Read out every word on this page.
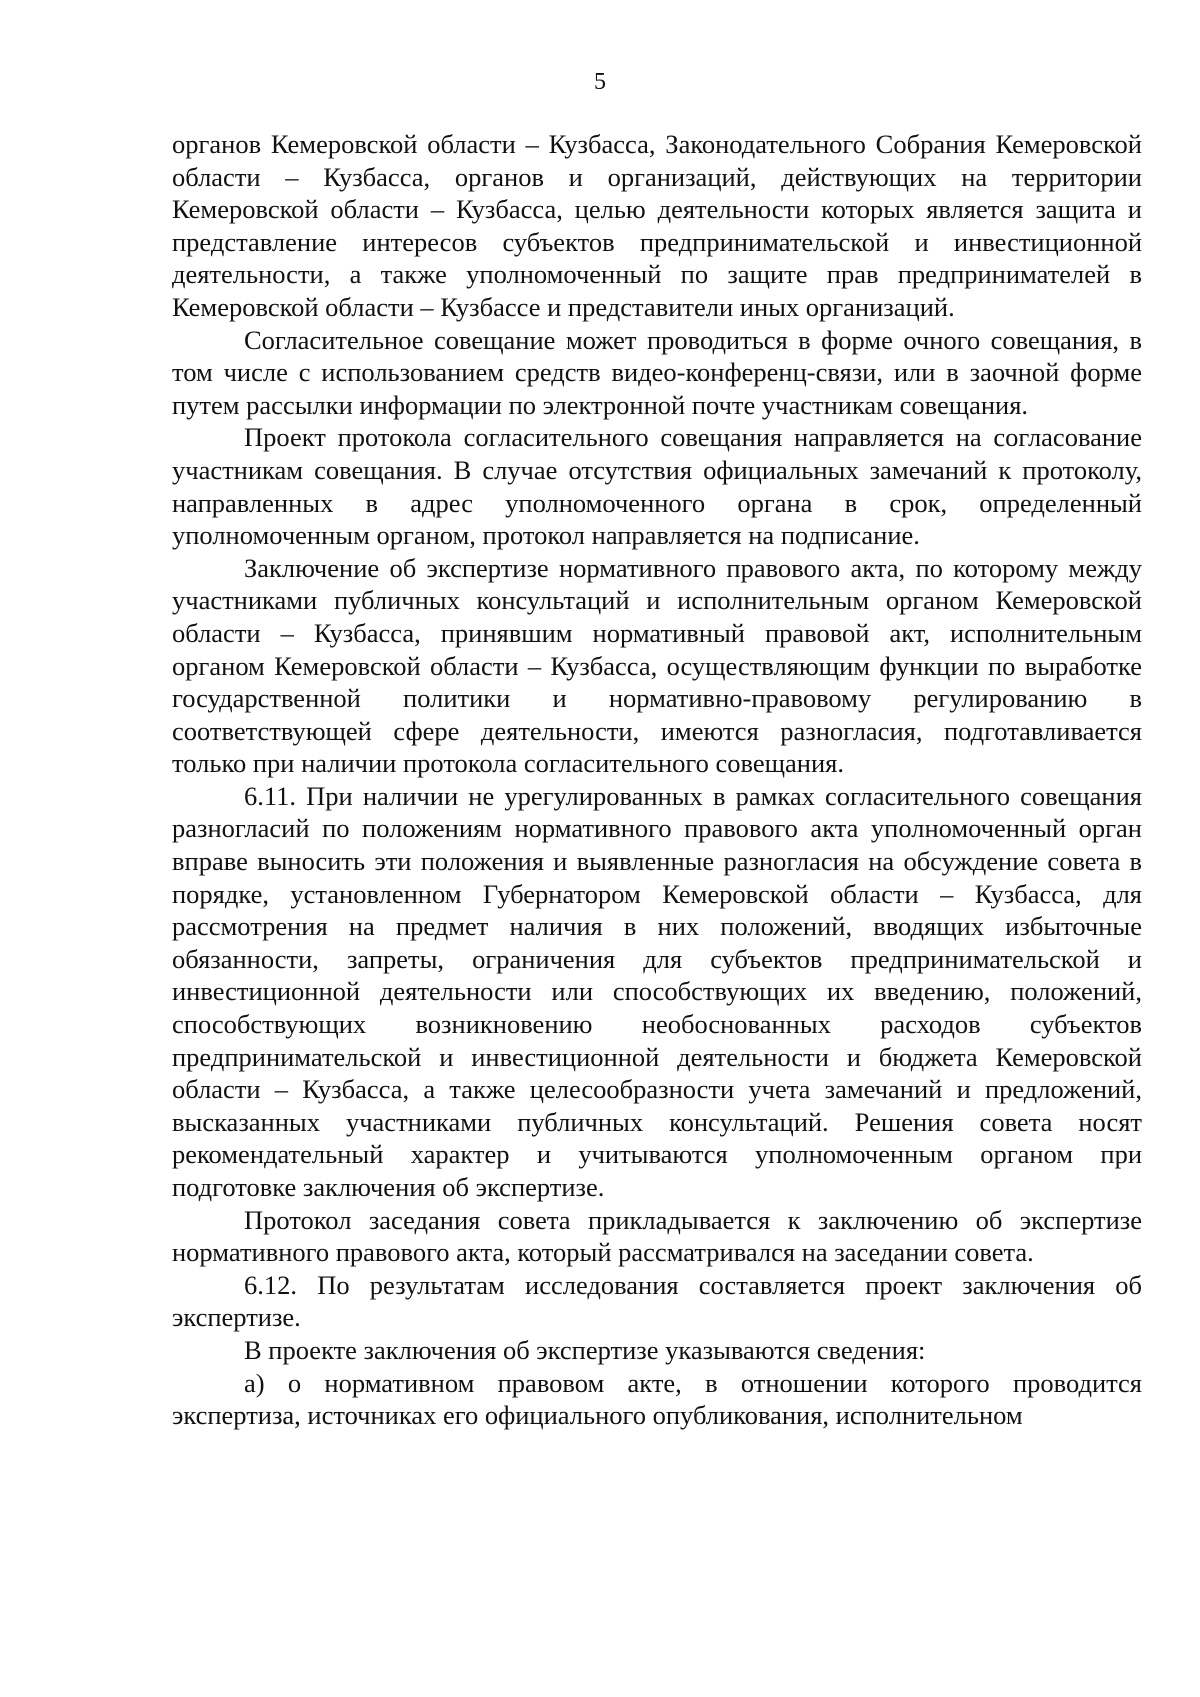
5

органов Кемеровской области – Кузбасса, Законодательного Собрания Кемеровской области – Кузбасса, органов и организаций, действующих на территории Кемеровской области – Кузбасса, целью деятельности которых является защита и представление интересов субъектов предпринимательской и инвестиционной деятельности, а также уполномоченный по защите прав предпринимателей в Кемеровской области – Кузбассе и представители иных организаций.

Согласительное совещание может проводиться в форме очного совещания, в том числе с использованием средств видео-конференц-связи, или в заочной форме путем рассылки информации по электронной почте участникам совещания.

Проект протокола согласительного совещания направляется на согласование участникам совещания. В случае отсутствия официальных замечаний к протоколу, направленных в адрес уполномоченного органа в срок, определенный уполномоченным органом, протокол направляется на подписание.

Заключение об экспертизе нормативного правового акта, по которому между участниками публичных консультаций и исполнительным органом Кемеровской области – Кузбасса, принявшим нормативный правовой акт, исполнительным органом Кемеровской области – Кузбасса, осуществляющим функции по выработке государственной политики и нормативно-правовому регулированию в соответствующей сфере деятельности, имеются разногласия, подготавливается только при наличии протокола согласительного совещания.

6.11. При наличии не урегулированных в рамках согласительного совещания разногласий по положениям нормативного правового акта уполномоченный орган вправе выносить эти положения и выявленные разногласия на обсуждение совета в порядке, установленном Губернатором Кемеровской области – Кузбасса, для рассмотрения на предмет наличия в них положений, вводящих избыточные обязанности, запреты, ограничения для субъектов предпринимательской и инвестиционной деятельности или способствующих их введению, положений, способствующих возникновению необоснованных расходов субъектов предпринимательской и инвестиционной деятельности и бюджета Кемеровской области – Кузбасса, а также целесообразности учета замечаний и предложений, высказанных участниками публичных консультаций. Решения совета носят рекомендательный характер и учитываются уполномоченным органом при подготовке заключения об экспертизе.

Протокол заседания совета прикладывается к заключению об экспертизе нормативного правового акта, который рассматривался на заседании совета.

6.12. По результатам исследования составляется проект заключения об экспертизе.

В проекте заключения об экспертизе указываются сведения:

а) о нормативном правовом акте, в отношении которого проводится экспертиза, источниках его официального опубликования, исполнительном
